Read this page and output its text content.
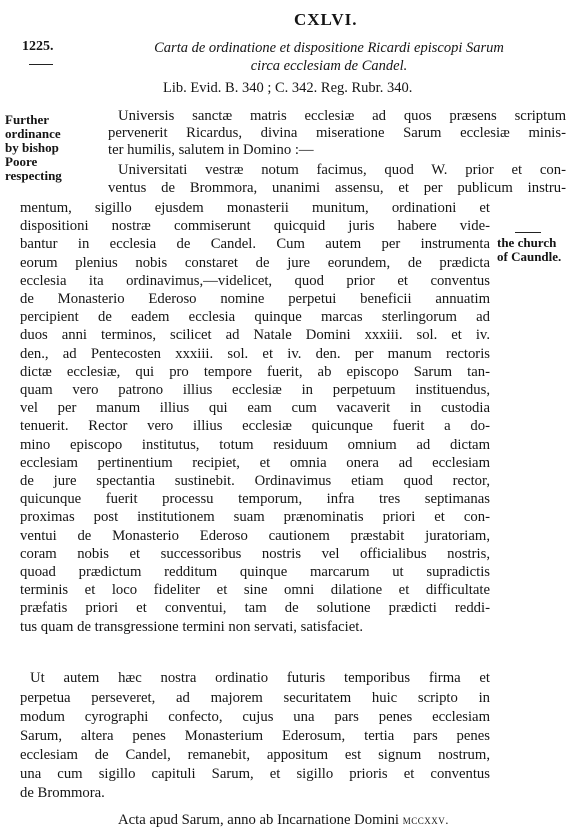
CXLVI.
1225.	Carta de ordinatione et dispositione Ricardi episcopi Sarum
circa ecclesiam de Candel.
Lib. Evid. B. 340 ; C. 342. Reg. Rubr. 340.
Further
ordinance
by bishop
Poore
respecting
the church
of Caundle.
Universis sanctæ matris ecclesiæ ad quos præsens scriptum
pervenerit Ricardus, divina miseratione Sarum ecclesiæ minis-
ter humilis, salutem in Domino :—
Universitati vestræ notum facimus, quod W. prior et con-
ventus de Brommora, unanimi assensu, et per publicum instru-
mentum, sigillo ejusdem monasterii munitum, ordinationi et
dispositioni nostræ commiserunt quicquid juris habere vide-
bantur in ecclesia de Candel. Cum autem per instrumenta
eorum plenius nobis constaret de jure eorundem, de prædicta
ecclesia ita ordinavimus,—videlicet, quod prior et conventus
de Monasterio Ederoso nomine perpetui beneficii annuatim
percipient de eadem ecclesia quinque marcas sterlingorum ad
duos anni terminos, scilicet ad Natale Domini xxxiii. sol. et iv.
den., ad Pentecosten xxxiii. sol. et iv. den. per manum rectoris
dictæ ecclesiæ, qui pro tempore fuerit, ab episcopo Sarum tan-
quam vero patrono illius ecclesiæ in perpetuum instituendus,
vel per manum illius qui eam cum vacaverit in custodia
tenuerit. Rector vero illius ecclesiæ quicunque fuerit a do-
mino episcopo institutus, totum residuum omnium ad dictam
ecclesiam pertinentium recipiet, et omnia onera ad ecclesiam
de jure spectantia sustinebit. Ordinavimus etiam quod rector,
quicunque fuerit processu temporum, infra tres septimanas
proximas post institutionem suam prænominatis priori et con-
ventui de Monasterio Ederoso cautionem præstabit juratoriam,
coram nobis et successoribus nostris vel officialibus nostris,
quoad prædictum redditum quinque marcarum ut supradictis
terminis et loco fideliter et sine omni dilatione et difficultate
præfatis priori et conventui, tam de solutione prædicti reddi-
tus quam de transgressione termini non servati, satisfaciet.
Ut autem hæc nostra ordinatio futuris temporibus firma et
perpetua perseveret, ad majorem securitatem huic scripto in
modum cyrographi confecto, cujus una pars penes ecclesiam
Sarum, altera penes Monasterium Ederosum, tertia pars penes
ecclesiam de Candel, remanebit, appositum est signum nostrum,
una cum sigillo capituli Sarum, et sigillo prioris et conventus
de Brommora.
Acta apud Sarum, anno ab Incarnatione Domini mccxxv.
